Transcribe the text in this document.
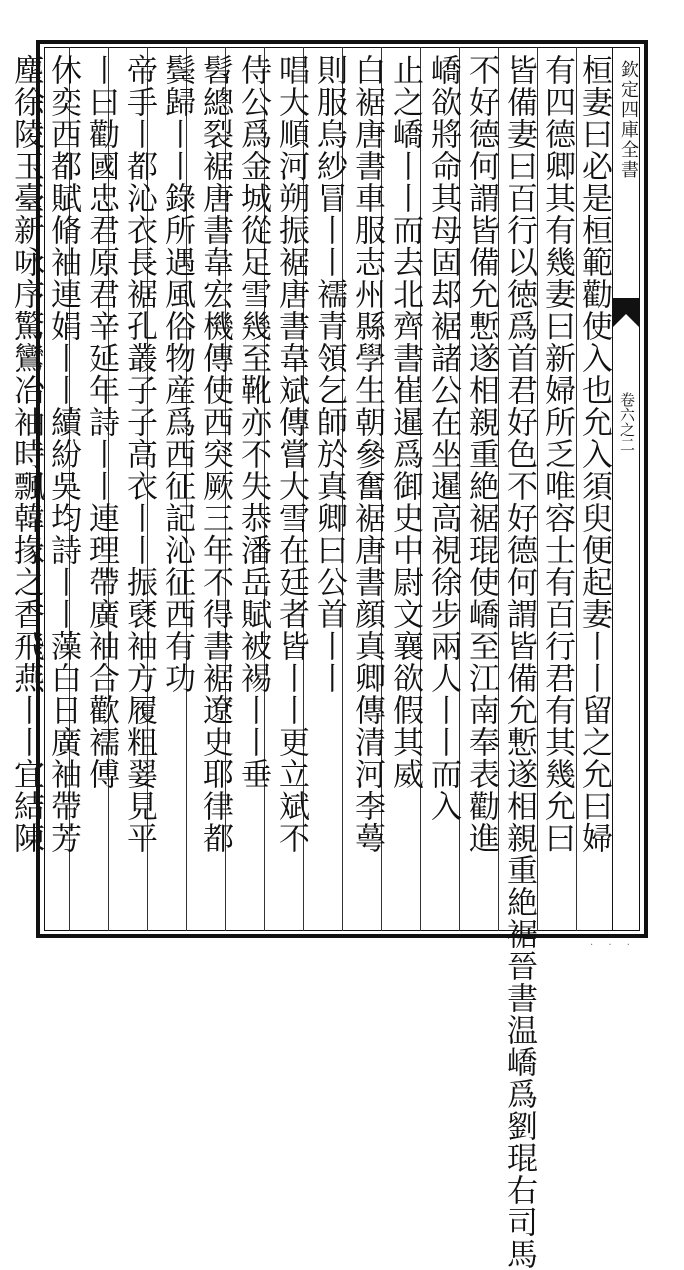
欽定四庫全書
卷六之二
桓妻曰必是桓範勸使入也允入須臾便起妻丨丨留之允曰婦
有四德卿其有幾妻曰新婦所乏唯容士有百行君有其幾允曰
皆備妻曰百行以徳爲首君好色不好德何謂皆備允慙遂相親重絶裾晉書温嶠爲劉琨右司馬
不好德何謂皆備允慙遂相親重絶裾琨使嶠至江南奉表勸進
嶠欲將命其母固𨚫裾諸公在坐暹高視徐步兩人丨丨而入
止之嶠丨丨而去北齊書崔暹爲御史中尉文襄欲假其威
白裾唐書車服志州縣學生朝參奮裾唐書顔真卿傳清河李蕚
則服烏紗冒丨丨襦青領乞師於真卿曰公首丨丨
唱大順河朔振裾唐書韋斌傳嘗大雪在廷者皆丨丨更立斌不
侍公爲金城從足雪幾至靴亦不失恭潘岳賦被裼丨丨垂
髫總裂裾唐書韋宏機傳使西突厥三年不得書裾遼史耶律都
鬓歸丨丨錄所遇風俗物産爲西征記沁征西有功
帝手丨都沁衣長裾孔叢子子高衣丨丨振褎袖方履粗翣見平
丨曰勸國忠君原君辛延年詩丨丨連理帶廣袖合歡襦傅
休奕西都賦脩袖連娟丨丨續紛吳均詩丨丨藻白日廣袖帶芳
塵徐陵玉臺新咏序驚鸞冶袖時飄韓掾之香飛燕丨丨宜結陳
· · ·
